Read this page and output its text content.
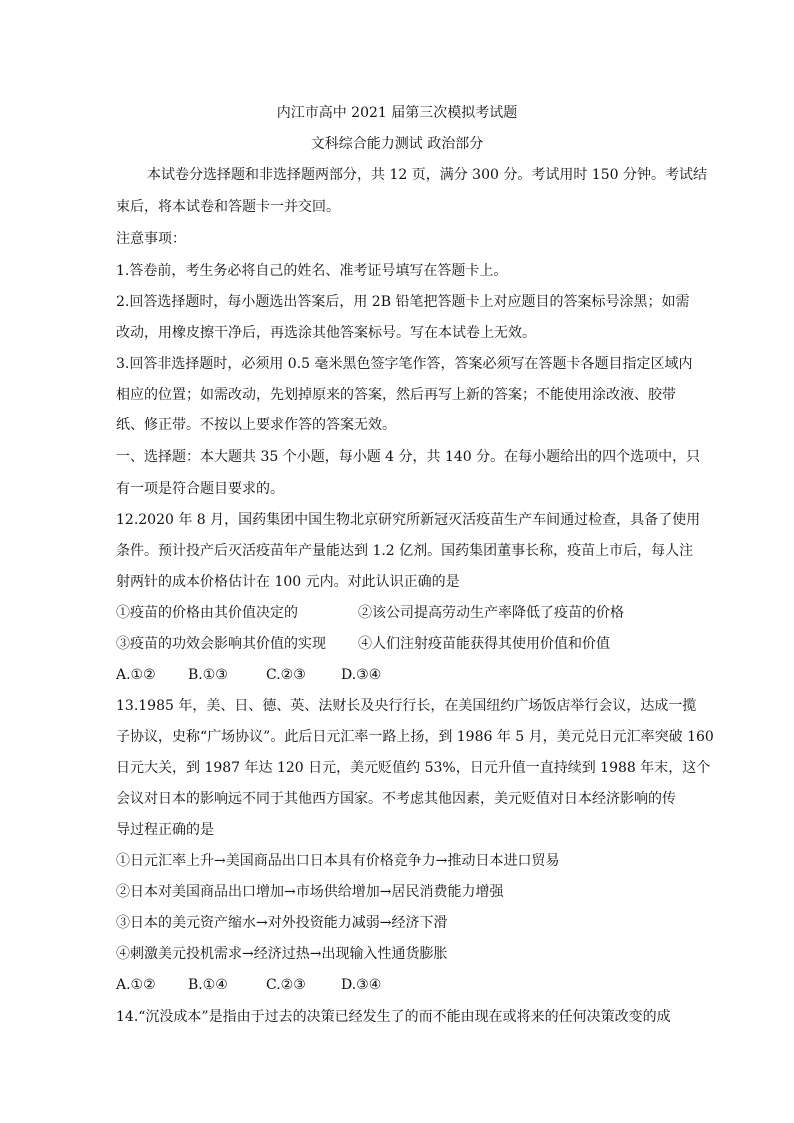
内江市高中 2021 届第三次模拟考试题
文科综合能力测试 政治部分
本试卷分选择题和非选择题两部分，共 12 页，满分 300 分。考试用时 150 分钟。考试结
束后，将本试卷和答题卡一并交回。
注意事项：
1.答卷前，考生务必将自己的姓名、准考证号填写在答题卡上。
2.回答选择题时，每小题选出答案后，用 2B 铅笔把答题卡上对应题目的答案标号涂黑；如需
改动，用橡皮擦干净后，再选涂其他答案标号。写在本试卷上无效。
3.回答非选择题时，必须用 0.5 毫米黑色签字笔作答，答案必须写在答题卡各题目指定区域内
相应的位置；如需改动，先划掉原来的答案，然后再写上新的答案；不能使用涂改液、胶带
纸、修正带。不按以上要求作答的答案无效。
一、选择题：本大题共 35 个小题，每小题 4 分，共 140 分。在每小题给出的四个选项中，只
有一项是符合题目要求的。
12.2020 年 8 月，国药集团中国生物北京研究所新冠灭活疫苗生产车间通过检查，具备了使用
条件。预计投产后灭活疫苗年产量能达到 1.2 亿剂。国药集团董事长称，疫苗上市后，每人注
射两针的成本价格估计在 100 元内。对此认识正确的是
①疫苗的价格由其价值决定的	②该公司提高劳动生产率降低了疫苗的价格
③疫苗的功效会影响其价值的实现 ④人们注射疫苗能获得其使用价值和价值
A.①② B.①③	C.②③	D.③④
13.1985 年，美、日、德、英、法财长及央行行长，在美国纽约广场饭店举行会议，达成一揽
子协议，史称“广场协议”。此后日元汇率一路上扬，到 1986 年 5 月，美元兑日元汇率突破 160
日元大关，到 1987 年达 120 日元，美元贬值约 53%，日元升值一直持续到 1988 年末，这个
会议对日本的影响远不同于其他西方国家。不考虑其他因素，美元贬值对日本经济影响的传
导过程正确的是
①日元汇率上升→美国商品出口日本具有价格竞争力→推动日本进口贸易
②日本对美国商品出口增加→市场供给增加→居民消费能力增强
③日本的美元资产缩水→对外投资能力减弱→经济下滑
④刺激美元投机需求→经济过热→出现输入性通货膨胀
A.①② B.①④	C.②③	D.③④
14.“沉没成本”是指由于过去的决策已经发生了的而不能由现在或将来的任何决策改变的成
